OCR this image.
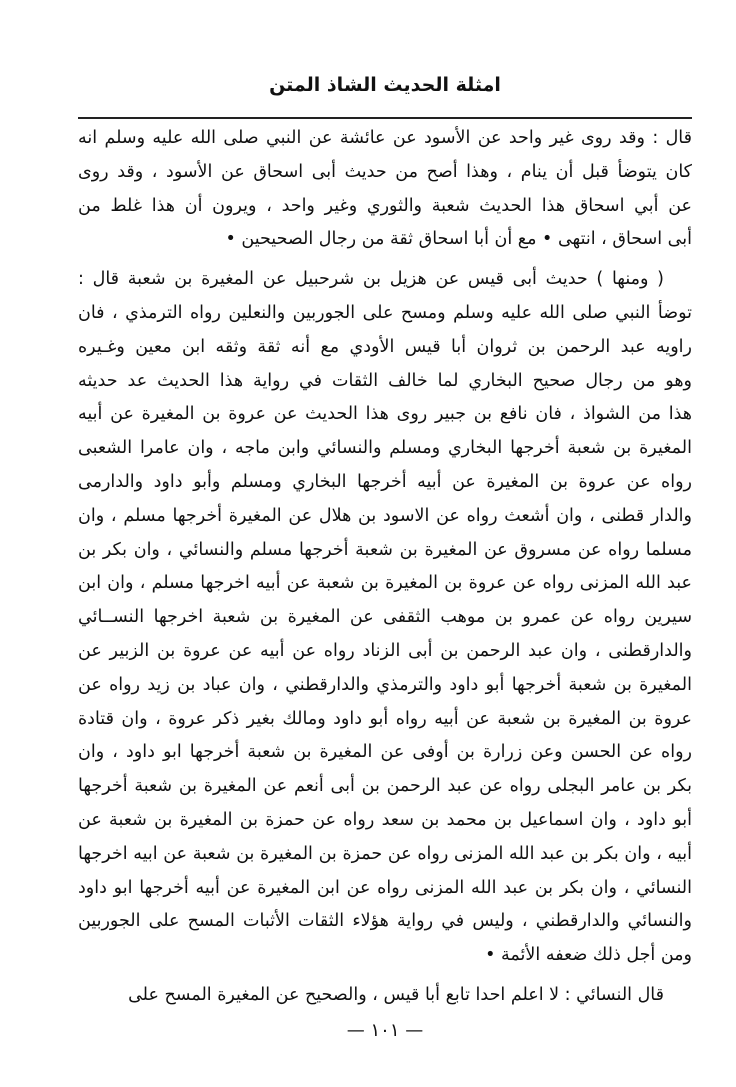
امثلة الحديث الشاذ المتن
قال : وقد روى غير واحد عن الأسود عن عائشة عن النبي صلى الله عليه وسلم انه
كان يتوضأ قبل أن ينام ، وهذا أصح من حديث أبى اسحاق عن الأسود ، وقد روى
عن أبي اسحاق هذا الحديث شعبة والثوري وغير واحد ، ويرون أن هذا غلط من
أبى اسحاق ، انتهى • مع أن أبا اسحاق ثقة من رجال الصحيحين •
( ومنها ) حديث أبى قيس عن هزيل بن شرحبيل عن المغيرة بن شعبة قال :
توضأ النبي صلى الله عليه وسلم ومسح على الجوربين والنعلين رواه الترمذي ، فان
راويه عبد الرحمن بن ثروان أبا قيس الأودي مع أنه ثقة وثقه ابن معين وغـيره
وهو من رجال صحيح البخاري لما خالف الثقات في رواية هذا الحديث عد حديثه
هذا من الشواذ ، فان نافع بن جبير روى هذا الحديث عن عروة بن المغيرة عن أبيه
المغيرة بن شعبة أخرجها البخاري ومسلم والنسائي وابن ماجه ، وان عامرا الشعبى
رواه عن عروة بن المغيرة عن أبيه أخرجها البخاري ومسلم وأبو داود والدارمى
والدار قطنى ، وان أشعث رواه عن الاسود بن هلال عن المغيرة أخرجها مسلم ، وان
مسلما رواه عن مسروق عن المغيرة بن شعبة أخرجها مسلم والنسائي ، وان بكر بن
عبد الله المزنى رواه عن عروة بن المغيرة بن شعبة عن أبيه اخرجها مسلم ، وان ابن
سيرين رواه عن عمرو بن موهب الثقفى عن المغيرة بن شعبة اخرجها النســائي
والدارقطنى ، وان عبد الرحمن بن أبى الزناد رواه عن أبيه عن عروة بن الزبير عن
المغيرة بن شعبة أخرجها أبو داود والترمذي والدارقطني ، وان عباد بن زيد رواه عن
عروة بن المغيرة بن شعبة عن أبيه رواه أبو داود ومالك بغير ذكر عروة ، وان قتادة
رواه عن الحسن وعن زرارة بن أوفى عن المغيرة بن شعبة أخرجها ابو داود ، وان
بكر بن عامر البجلى رواه عن عبد الرحمن بن أبى أنعم عن المغيرة بن شعبة أخرجها
أبو داود ، وان اسماعيل بن محمد بن سعد رواه عن حمزة بن المغيرة بن شعبة عن
أبيه ، وان بكر بن عبد الله المزنى رواه عن حمزة بن المغيرة بن شعبة عن ابيه اخرجها
النسائي ، وان بكر بن عبد الله المزنى رواه عن ابن المغيرة عن أبيه أخرجها ابو داود
والنسائي والدارقطني ، وليس في رواية هؤلاء الثقات الأثبات المسح على الجوربين
ومن أجل ذلك ضعفه الأئمة •
قال النسائي : لا اعلم احدا تابع أبا قيس ، والصحيح عن المغيرة المسح على
— ١٠١ —
